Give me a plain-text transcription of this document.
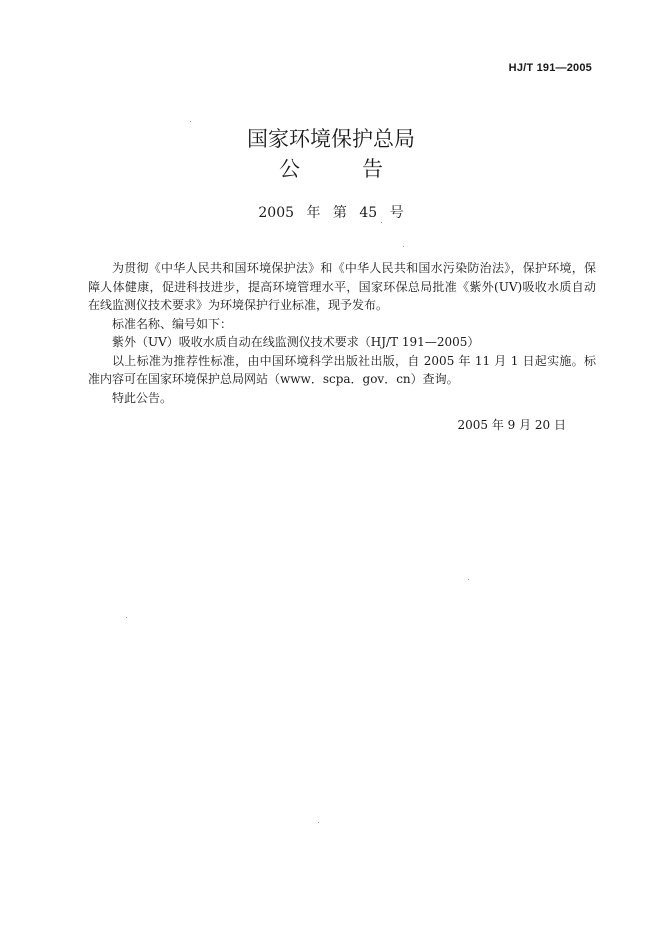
HJ/T 191—2005
国家环境保护总局
公告
2005 年 第 45 号

为贯彻《中华人民共和国环境保护法》和《中华人民共和国水污染防治法》，保护环境，保障人体健康，促进科技进步，提高环境管理水平，国家环保总局批准《紫外(UV)吸收水质自动在线监测仪技术要求》为环境保护行业标准，现予发布。

标准名称、编号如下：

紫外（UV）吸收水质自动在线监测仪技术要求（HJ/T 191—2005）

以上标准为推荐性标准，由中国环境科学出版社出版，自 2005 年 11 月 1 日起实施。标准内容可在国家环境保护总局网站（www．scpa．gov．cn）查询。

特此公告。

2005 年 9 月 20 日
